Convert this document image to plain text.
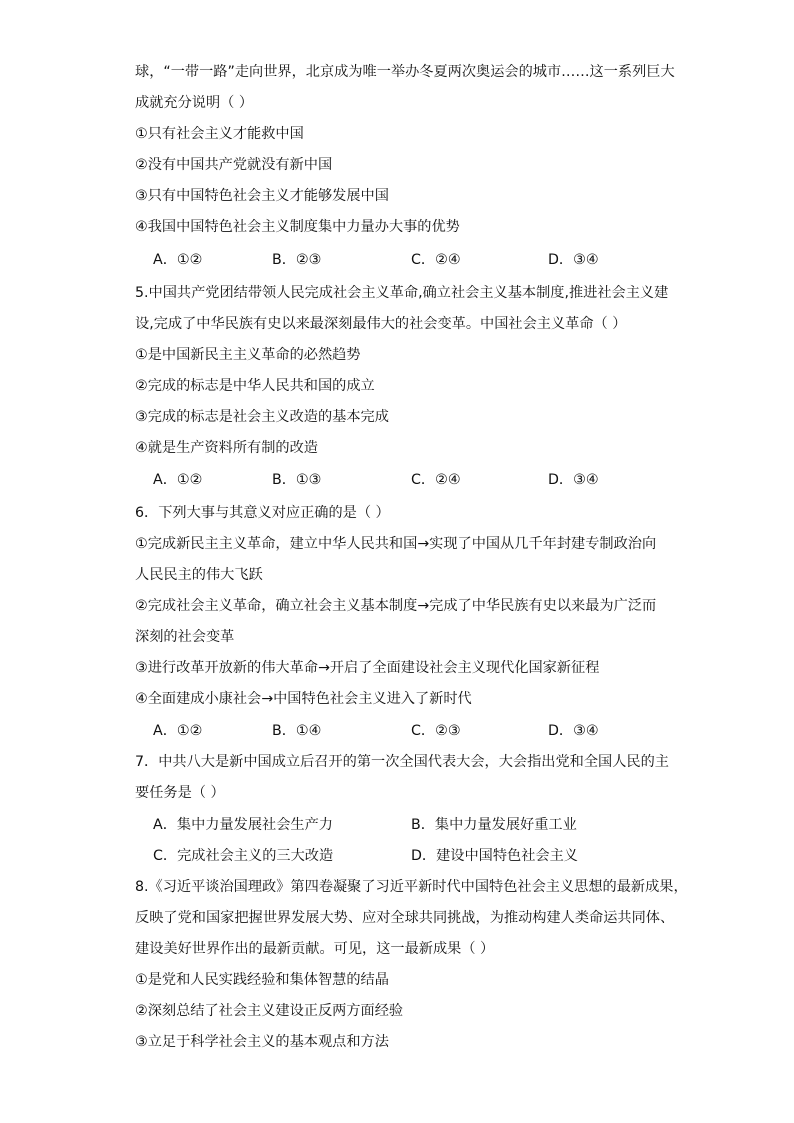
球，“一带一路”走向世界，北京成为唯一举办冬夏两次奥运会的城市……这一系列巨大

成就充分说明（ ）

①只有社会主义才能救中国

②没有中国共产党就没有新中国

③只有中国特色社会主义才能够发展中国

④我国中国特色社会主义制度集中力量办大事的优势

A．①②	B．②③	C．②④	D．③④

5.中国共产党团结带领人民完成社会主义革命,确立社会主义基本制度,推进社会主义建

设,完成了中华民族有史以来最深刻最伟大的社会变革。中国社会主义革命（ ）

①是中国新民主主义革命的必然趋势

②完成的标志是中华人民共和国的成立

③完成的标志是社会主义改造的基本完成

④就是生产资料所有制的改造

A．①②	B．①③	C．②④	D．③④

6．下列大事与其意义对应正确的是（ ）

①完成新民主主义革命，建立中华人民共和国→实现了中国从几千年封建专制政治向

人民民主的伟大飞跃

②完成社会主义革命，确立社会主义基本制度→完成了中华民族有史以来最为广泛而

深刻的社会变革

③进行改革开放新的伟大革命→开启了全面建设社会主义现代化国家新征程

④全面建成小康社会→中国特色社会主义进入了新时代

A．①②	B．①④	C．②③	D．③④

7．中共八大是新中国成立后召开的第一次全国代表大会，大会指出党和全国人民的主

要任务是（ ）

A．集中力量发展社会生产力	B．集中力量发展好重工业

C．完成社会主义的三大改造	D．建设中国特色社会主义

8.《习近平谈治国理政》第四卷凝聚了习近平新时代中国特色社会主义思想的最新成果，

反映了党和国家把握世界发展大势、应对全球共同挑战，为推动构建人类命运共同体、

建设美好世界作出的最新贡献。可见，这一最新成果（ ）

①是党和人民实践经验和集体智慧的结晶

②深刻总结了社会主义建设正反两方面经验

③立足于科学社会主义的基本观点和方法
